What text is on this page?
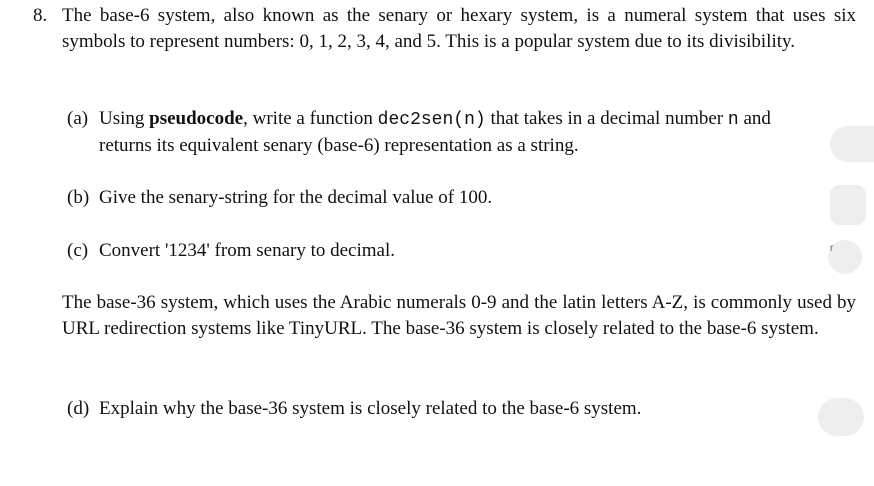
8. The base-6 system, also known as the senary or hexary system, is a numeral system that uses six symbols to represent numbers: 0, 1, 2, 3, 4, and 5. This is a popular system due to its divisibility.
(a) Using pseudocode, write a function dec2sen(n) that takes in a decimal number n and
returns its equivalent senary (base-6) representation as a string.
(b) Give the senary-string for the decimal value of 100.
(c) Convert '1234' from senary to decimal.
The base-36 system, which uses the Arabic numerals 0-9 and the latin letters A-Z, is commonly used by URL redirection systems like TinyURL. The base-36 system is closely related to the base-6 system.
(d) Explain why the base-36 system is closely related to the base-6 system.
r
